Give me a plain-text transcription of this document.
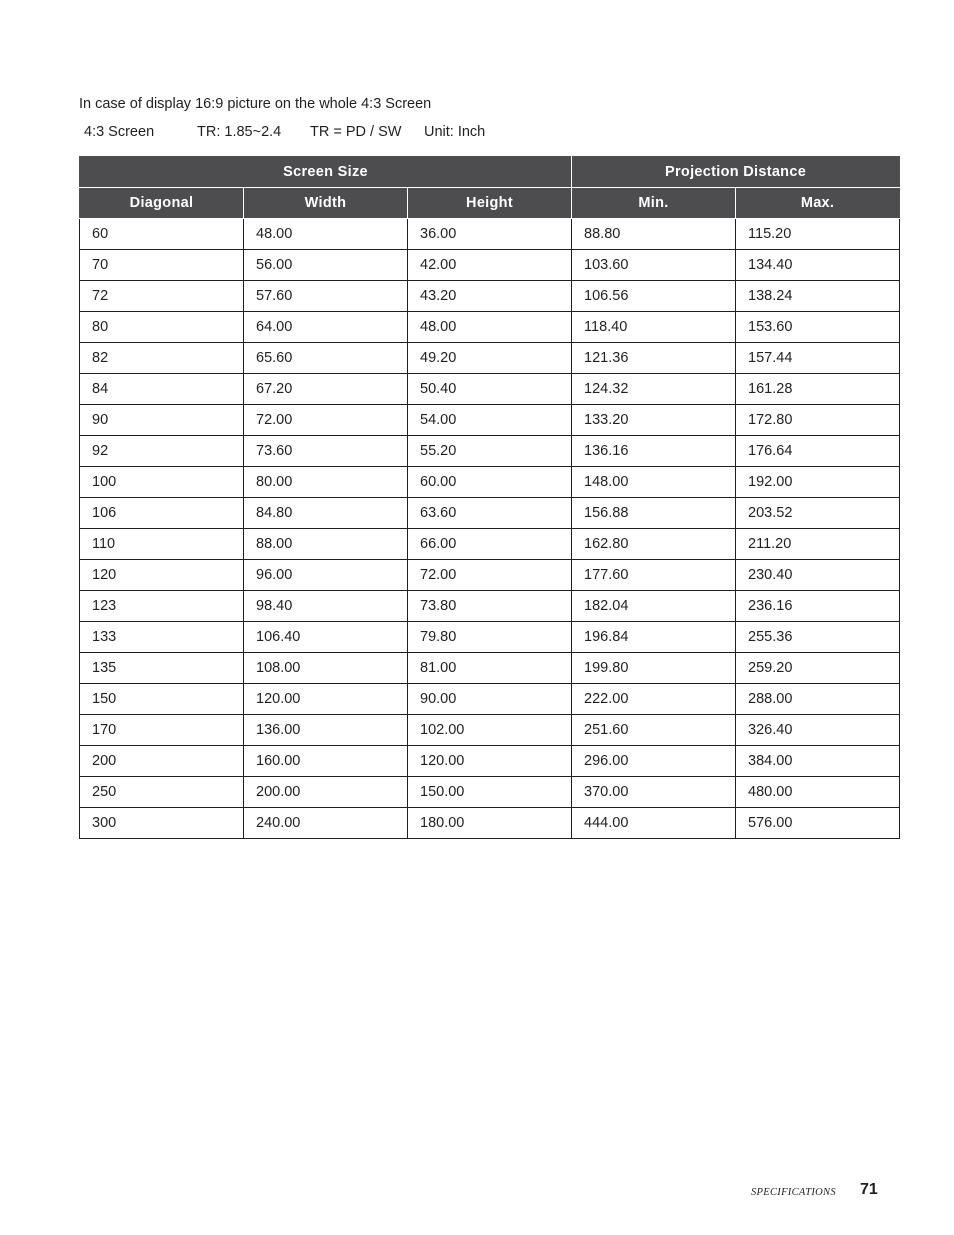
In case of display 16:9 picture on the whole 4:3 Screen
4:3 Screen	TR: 1.85~2.4 TR = PD / SW Unit: Inch
Screen Size			Projection Distance	
Diagonal	Width	Height	Min.	Max.
60	48.00	36.00	88.80	115.20
70	56.00	42.00	103.60	134.40
72	57.60	43.20	106.56	138.24
80	64.00	48.00	118.40	153.60
82	65.60	49.20	121.36	157.44
84	67.20	50.40	124.32	161.28
90	72.00	54.00	133.20	172.80
92	73.60	55.20	136.16	176.64
100	80.00	60.00	148.00	192.00
106	84.80	63.60	156.88	203.52
110	88.00	66.00	162.80	211.20
120	96.00	72.00	177.60	230.40
123	98.40	73.80	182.04	236.16
133	106.40	79.80	196.84	255.36
135	108.00	81.00	199.80	259.20
150	120.00	90.00	222.00	288.00
170	136.00	102.00	251.60	326.40
200	160.00	120.00	296.00	384.00
250	200.00	150.00	370.00	480.00
300	240.00	180.00	444.00	576.00
SPECIFICATIONS 71
